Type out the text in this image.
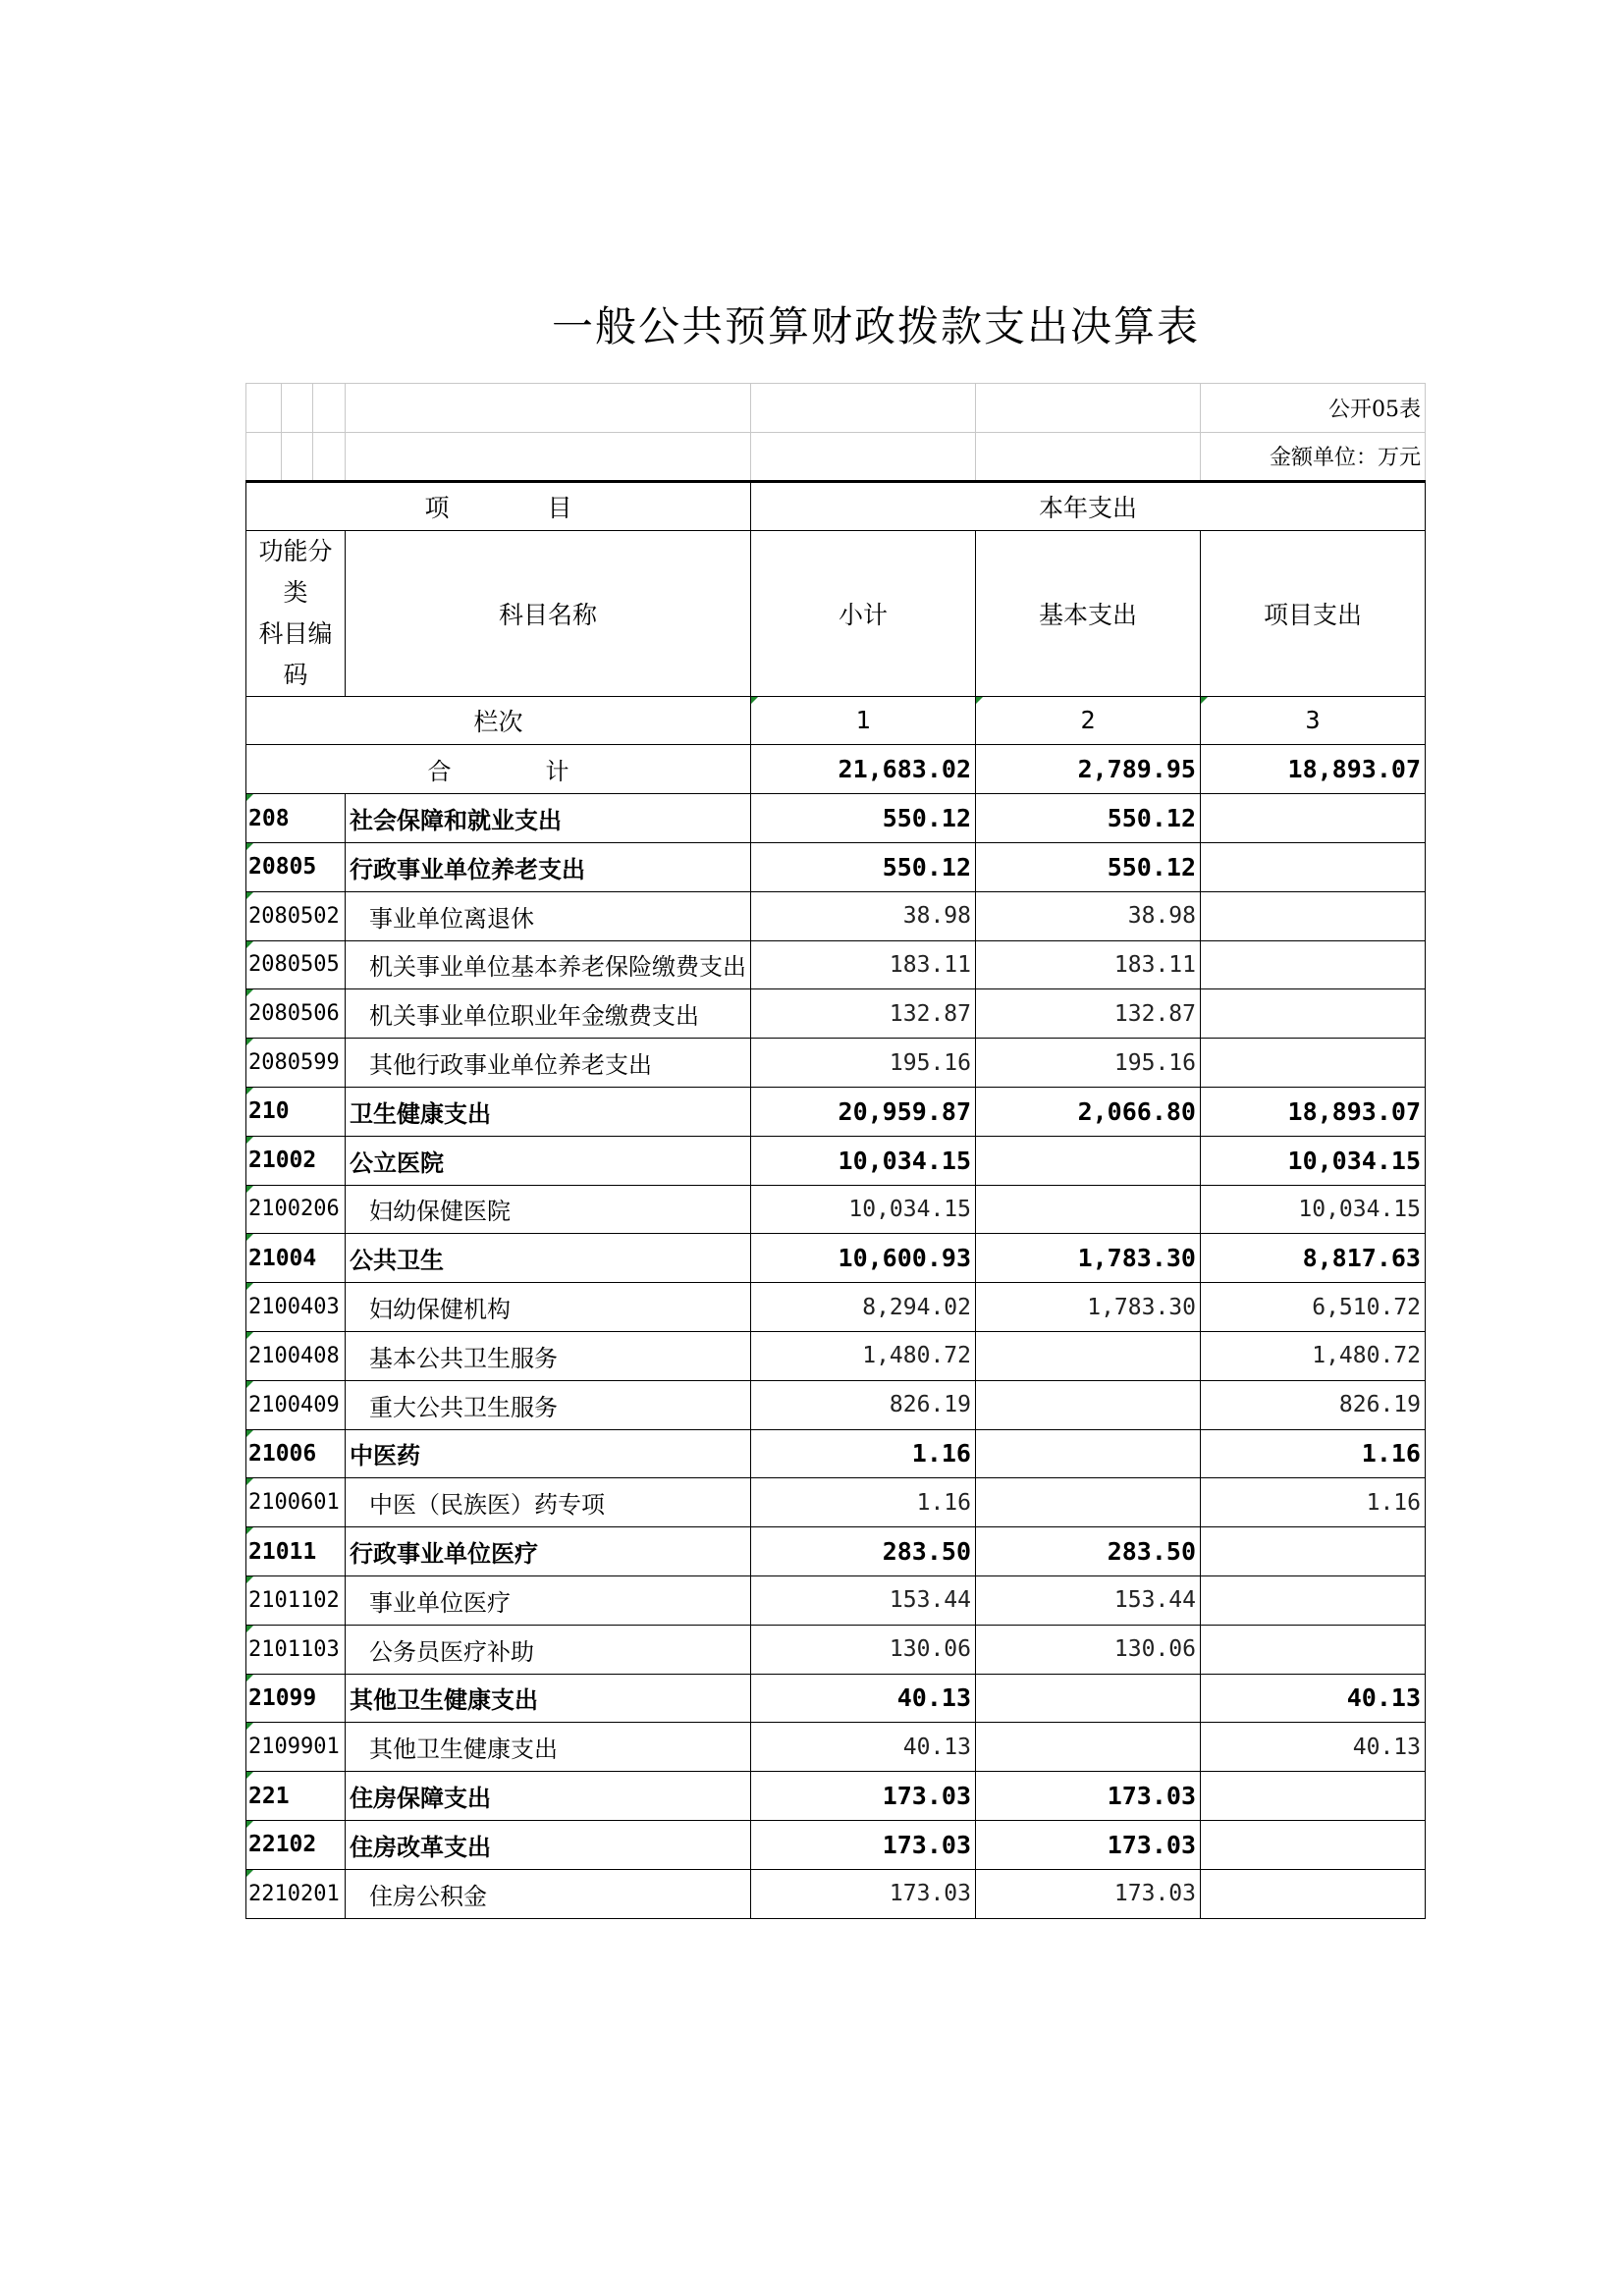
一般公共预算财政拨款支出决算表
						公开05表
						金额单位：万元
项　　　　目				本年支出		

功能分类
科目编码			科目名称	小计	基本支出	项目支出
栏次				1	2	3
合　　　　计				21,683.02	2,789.95	18,893.07
208			社会保障和就业支出	550.12	550.12	
20805			行政事业单位养老支出	550.12	550.12	
2080502			事业单位离退休	38.98	38.98	
2080505			机关事业单位基本养老保险缴费支出	183.11	183.11	
2080506			机关事业单位职业年金缴费支出	132.87	132.87	
2080599			其他行政事业单位养老支出	195.16	195.16	
210			卫生健康支出	20,959.87	2,066.80	18,893.07
21002			公立医院	10,034.15		10,034.15
2100206			妇幼保健医院	10,034.15		10,034.15
21004			公共卫生	10,600.93	1,783.30	8,817.63
2100403			妇幼保健机构	8,294.02	1,783.30	6,510.72
2100408			基本公共卫生服务	1,480.72		1,480.72
2100409			重大公共卫生服务	826.19		826.19
21006			中医药	1.16		1.16
2100601			中医（民族医）药专项	1.16		1.16
21011			行政事业单位医疗	283.50	283.50	
2101102			事业单位医疗	153.44	153.44	
2101103			公务员医疗补助	130.06	130.06	
21099			其他卫生健康支出	40.13		40.13
2109901			其他卫生健康支出	40.13		40.13
221			住房保障支出	173.03	173.03	
22102			住房改革支出	173.03	173.03	
2210201			住房公积金	173.03	173.03	
